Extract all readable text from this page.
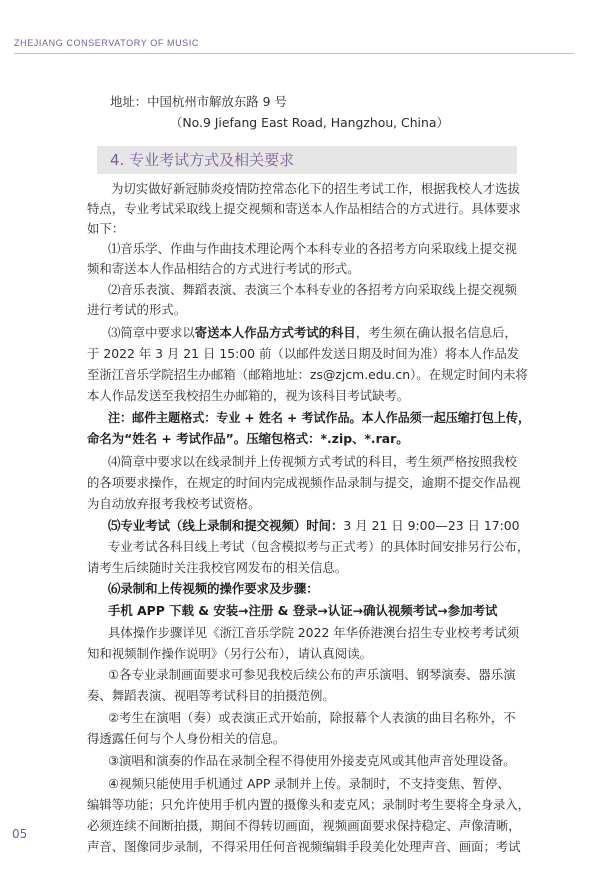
ZHEJIANG CONSERVATORY OF MUSIC
地址：中国杭州市解放东路 9 号
（No.9 Jiefang East Road, Hangzhou, China）
4. 专业考试方式及相关要求
为切实做好新冠肺炎疫情防控常态化下的招生考试工作，根据我校人才选拔
特点，专业考试采取线上提交视频和寄送本人作品相结合的方式进行。具体要求
如下：
⑴音乐学、作曲与作曲技术理论两个本科专业的各招考方向采取线上提交视
频和寄送本人作品相结合的方式进行考试的形式。
⑵音乐表演、舞蹈表演、表演三个本科专业的各招考方向采取线上提交视频
进行考试的形式。
⑶简章中要求以寄送本人作品方式考试的科目，考生须在确认报名信息后，
于 2022 年 3 月 21 日 15:00 前（以邮件发送日期及时间为准）将本人作品发
至浙江音乐学院招生办邮箱（邮箱地址：zs@zjcm.edu.cn）。在规定时间内未将
本人作品发送至我校招生办邮箱的，视为该科目考试缺考。
注：邮件主题格式：专业 + 姓名 + 考试作品。本人作品须一起压缩打包上传，
命名为“姓名 + 考试作品”。压缩包格式：*.zip、*.rar。
⑷简章中要求以在线录制并上传视频方式考试的科目，考生须严格按照我校
的各项要求操作，在规定的时间内完成视频作品录制与提交，逾期不提交作品视
为自动放弃报考我校考试资格。
⑸专业考试（线上录制和提交视频）时间：3 月 21 日 9:00—23 日 17:00
专业考试各科目线上考试（包含模拟考与正式考）的具体时间安排另行公布，
请考生后续随时关注我校官网发布的相关信息。
⑹录制和上传视频的操作要求及步骤：
手机 APP 下载 & 安装→注册 & 登录→认证→确认视频考试→参加考试
具体操作步骤详见《浙江音乐学院 2022 年华侨港澳台招生专业校考考试须
知和视频制作操作说明》（另行公布），请认真阅读。
①各专业录制画面要求可参见我校后续公布的声乐演唱、钢琴演奏、器乐演
奏、舞蹈表演、视唱等考试科目的拍摄范例。
②考生在演唱（奏）或表演正式开始前，除报幕个人表演的曲目名称外，不
得透露任何与个人身份相关的信息。
③演唱和演奏的作品在录制全程不得使用外接麦克风或其他声音处理设备。
④视频只能使用手机通过 APP 录制并上传。录制时，不支持变焦、暂停、
编辑等功能；只允许使用手机内置的摄像头和麦克风；录制时考生要将全身录入，
必须连续不间断拍摄，期间不得转切画面，视频画面要求保持稳定、声像清晰，
声音、图像同步录制，不得采用任何音视频编辑手段美化处理声音、画面；考试
05
